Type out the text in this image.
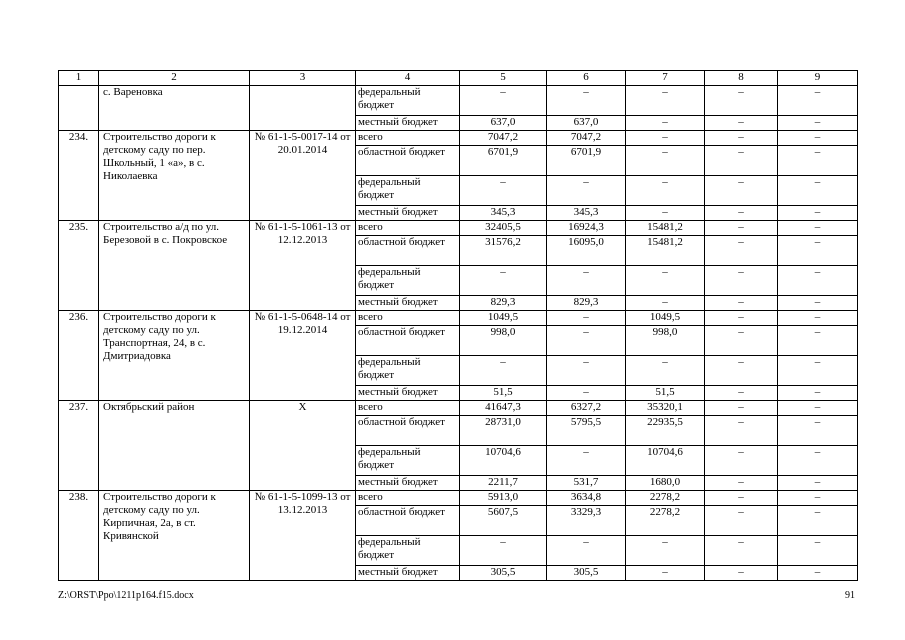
1	2	3	4	5	6	7	8	9
	с. Вареновка		федеральный бюджет	–	–	–	–	–
			местный бюджет	637,0	637,0	–	–	–
234.	Строительство дороги к детскому саду по пер. Школьный, 1 «а», в с. Николаевка	№ 61-1-5-0017-14 от 20.01.2014	всего	7047,2	7047,2	–	–	–
			областной бюджет	6701,9	6701,9	–	–	–
			федеральный бюджет	–	–	–	–	–
			местный бюджет	345,3	345,3	–	–	–
235.	Строительство а/д по ул. Березовой в с. Покровское	№ 61-1-5-1061-13 от 12.12.2013	всего	32405,5	16924,3	15481,2	–	–
			областной бюджет	31576,2	16095,0	15481,2	–	–
			федеральный бюджет	–	–	–	–	–
			местный бюджет	829,3	829,3	–	–	–
236.	Строительство дороги к детскому саду по ул. Транспортная, 24, в с. Дмитриадовка	№ 61-1-5-0648-14 от 19.12.2014	всего	1049,5	–	1049,5	–	–
			областной бюджет	998,0	–	998,0	–	–
			федеральный бюджет	–	–	–	–	–
			местный бюджет	51,5	–	51,5	–	–
237.	Октябрьский район	Х	всего	41647,3	6327,2	35320,1	–	–
			областной бюджет	28731,0	5795,5	22935,5	–	–
			федеральный бюджет	10704,6	–	10704,6	–	–
			местный бюджет	2211,7	531,7	1680,0	–	–
238.	Строительство дороги к детскому саду по ул. Кирпичная, 2а, в ст. Кривянской	№ 61-1-5-1099-13 от 13.12.2013	всего	5913,0	3634,8	2278,2	–	–
			областной бюджет	5607,5	3329,3	2278,2	–	–
			федеральный бюджет	–	–	–	–	–
			местный бюджет	305,5	305,5	–	–	–
Z:\ORST\Ppo\1211p164.f15.docx	91
